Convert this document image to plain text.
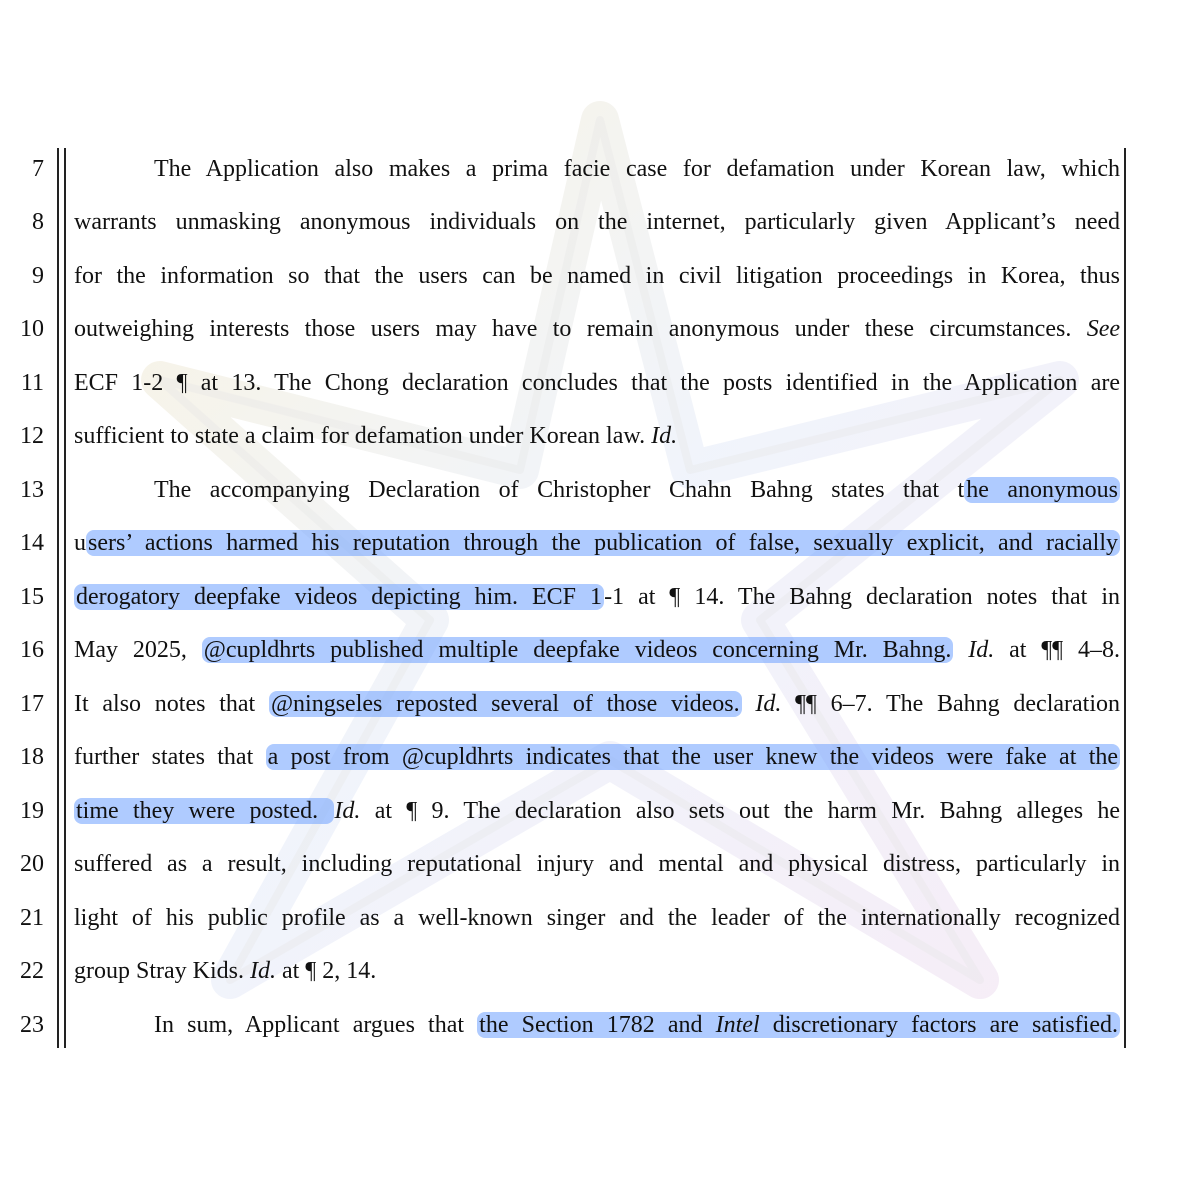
7
8
9
10
11
12
13
14
15
16
17
18
19
20
21
22
23
The Application also makes a prima facie case for defamation under Korean law, which
warrants unmasking anonymous individuals on the internet, particularly given Applicant’s need
for the information so that the users can be named in civil litigation proceedings in Korea, thus
outweighing interests those users may have to remain anonymous under these circumstances. See
ECF 1-2 ¶ at 13. The Chong declaration concludes that the posts identified in the Application are
sufficient to state a claim for defamation under Korean law. Id.
The accompanying Declaration of Christopher Chahn Bahng states that the anonymous
users’ actions harmed his reputation through the publication of false, sexually explicit, and racially
derogatory deepfake videos depicting him. ECF 1-1 at ¶ 14. The Bahng declaration notes that in
May 2025, @cupldhrts published multiple deepfake videos concerning Mr. Bahng. Id. at ¶¶ 4–8.
It also notes that @ningseles reposted several of those videos. Id. ¶¶ 6–7. The Bahng declaration
further states that a post from @cupldhrts indicates that the user knew the videos were fake at the
time they were posted. Id. at ¶ 9. The declaration also sets out the harm Mr. Bahng alleges he
suffered as a result, including reputational injury and mental and physical distress, particularly in
light of his public profile as a well-known singer and the leader of the internationally recognized
group Stray Kids. Id. at ¶ 2, 14.
In sum, Applicant argues that the Section 1782 and Intel discretionary factors are satisfied.
